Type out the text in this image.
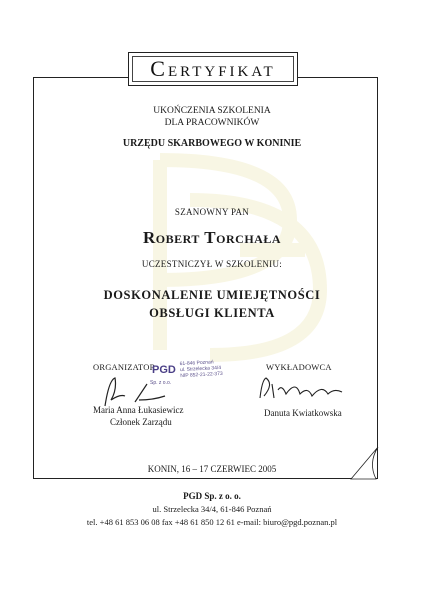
Certyfikat
UKOŃCZENIA SZKOLENIA
DLA PRACOWNIKÓW
URZĘDU SKARBOWEGO W KONINIE
SZANOWNY PAN
Robert Torchała
UCZESTNICZYŁ W SZKOLENIU:
DOSKONALENIE UMIEJĘTNOŚCI
OBSŁUGI KLIENTA
ORGANIZATOR	WYKŁADOWCA
PGD
Sp. z o.o.
61-846 Poznań
ul. Strzelecka 34/4
NIP 852-21-22-373
Maria Anna Łukasiewicz
Członek Zarządu
Danuta Kwiatkowska
KONIN, 16 – 17 CZERWIEC 2005
PGD Sp. z o. o.
ul. Strzelecka 34/4, 61-846 Poznań
tel. +48 61 853 06 08 fax +48 61 850 12 61 e-mail: biuro@pgd.poznan.pl
